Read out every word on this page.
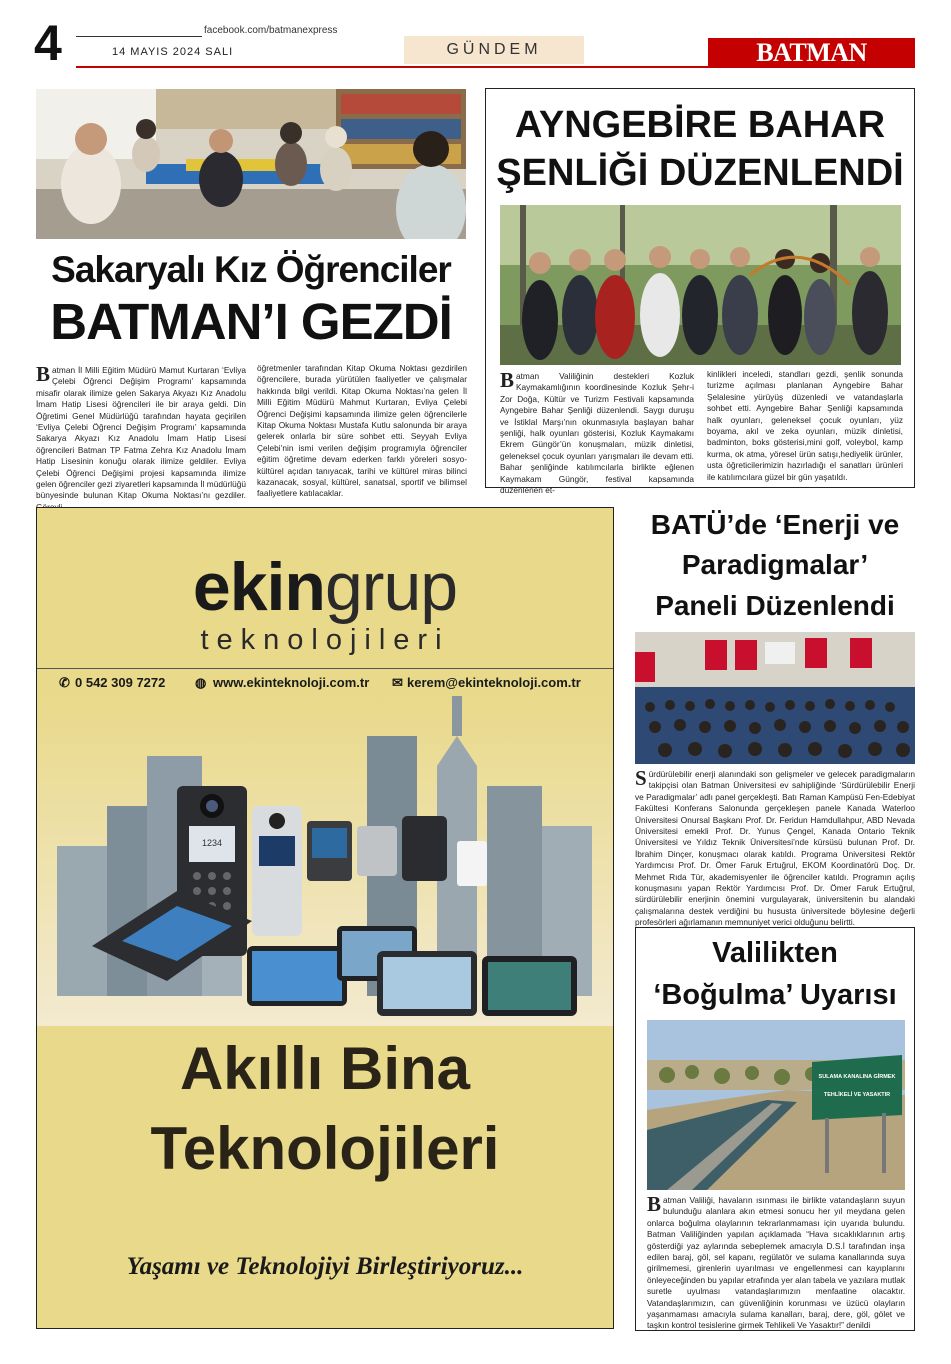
4	facebook.com/batmanexpress
14 MAYIS 2024 SALI	GÜNDEM	BATMAN EXPRESS
Sakaryalı Kız Öğrenciler
BATMAN’I GEZDİ
Batman İl Milli Eğitim Müdürü Mamut Kurtaran ‘Evliya Çelebi Öğrenci Değişim Programı’ kapsamında misafir olarak ilimize gelen Sakarya Akyazı Kız Anadolu İmam Hatip Lisesi öğrencileri ile bir araya geldi. Din Öğretimi Genel Müdürlüğü tarafından hayata geçirilen ‘Evliya Çelebi Öğrenci Değişim Programı’ kapsamında Sakarya Akyazı Kız Anadolu İmam Hatip Lisesi öğrencileri Batman TP Fatma Zehra Kız Anadolu İmam Hatip Lisesinin konuğu olarak ilimize geldiler. Evliya Çelebi Öğrenci Değişimi projesi kapsamında ilimize gelen öğrenciler gezi ziyaretleri kapsamında İl müdürlüğü bünyesinde bulunan Kitap Okuma Noktası’nı gezdiler.
öğretmenler tarafından Kitap Okuma Noktası gezdirilen öğrencilere, burada yürütülen faaliyetler ve çalışmalar hakkında bilgi verildi. Kitap Okuma Noktası’na gelen İl Milli Eğitim Müdürü Mahmut Kurtaran, Evliya Çelebi Öğrenci Değişimi kapsamında ilimize gelen öğrencilerle Kitap Okuma Noktası Mustafa Kutlu salonunda bir araya gelerek onlarla bir süre sohbet etti. Seyyah Evliya Çelebi’nin ismi verilen değişim programıyla öğrenciler eğitim öğretime devam ederken farklı yöreleri sosyo-kültürel açıdan tanıyacak, tarihi ve kültürel miras bilinci kazanacak, sosyal, kültürel, sanatsal, sportif ve bilimsel faaliyetlere katılacaklar.
AYNGEBİRE BAHAR
ŞENLİĞİ DÜZENLENDİ
Batman Valiliğinin destekleri Kozluk Kaymakamlığının koordinesinde Kozluk Şehr-i Zor Doğa, Kültür ve Turizm Festivali kapsamında Ayngebire Bahar Şenliği düzenlendi. Saygı duruşu ve İstiklal Marşı’nın okunmasıyla başlayan bahar şenliği, halk oyunları gösterisi, Kozluk Kaymakamı Ekrem Güngör’ün konuşmaları, müzik dinletisi, geleneksel çocuk oyunları yarışmaları ile devam etti. Bahar şenliğinde katılımcılarla birlikte eğlenen Kaymakam Güngör, festival kapsamında düzenlenen et-
kinlikleri inceledi, standları gezdi, şenlik sonunda turizme açılması planlanan Ayngebire Bahar Şelalesine yürüyüş düzenledi ve vatandaşlarla sohbet etti. Ayngebire Bahar Şenliği kapsamında halk oyunları, geleneksel çocuk oyunları, yüz boyama, akıl ve zeka oyunları, müzik dinletisi, badminton, boks gösterisi,mini golf, voleybol, kamp kurma, ok atma, yöresel ürün satışı,hediyelik ürünler, usta öğreticilerimizin hazırladığı el sanatları ürünleri ile katılımcılara güzel bir gün yaşatıldı.
ekingrup
teknolojileri
✆ 0 542 309 7272 ◍ www.ekinteknoloji.com.tr ✉ kerem@ekinteknoloji.com.tr
1234
Akıllı Bina
Teknolojileri
Yaşamı ve Teknolojiyi Birleştiriyoruz...
BATÜ’de ‘Enerji ve
Paradigmalar’
Paneli Düzenlendi
Sürdürülebilir enerji alanındaki son gelişmeler ve gelecek paradigmaların takipçisi olan Batman Üniversitesi ev sahipliğinde ‘Sürdürülebilir Enerji ve Paradigmalar’ adlı panel gerçekleşti. Batı Raman Kampüsü Fen-Edebiyat Fakültesi Konferans Salonunda gerçekleşen panele Kanada Waterloo Üniversitesi Onursal Başkanı Prof. Dr. Feridun Hamdullahpur, ABD Nevada Üniversitesi emekli Prof. Dr. Yunus Çengel, Kanada Ontario Teknik Üniversitesi ve Yıldız Teknik Üniversitesi’nde kürsüsü bulunan Prof. Dr. İbrahim Dinçer, konuşmacı olarak katıldı. Programa Üniversitesi Rektör Yardımcısı Prof. Dr. Ömer Faruk Ertuğrul, EKOM Koordinatörü Doç. Dr. Mehmet Rıda Tür, akademisyenler ile öğrenciler katıldı. Programın açılış konuşmasını yapan Rektör Yardımcısı Prof. Dr. Ömer Faruk Ertuğrul, sürdürülebilir enerjinin önemini vurgulayarak, üniversitenin bu alandaki çalışmalarına destek verdiğini bu hususta üniversitede böylesine değerli profesörleri ağırlamanın memnuniyet verici olduğunu belirtti.
Valilikten
‘Boğulma’ Uyarısı
SULAMA KANALINA GİRMEK
TEHLİKELİ VE YASAKTIR
Batman Valiliği, havaların ısınması ile birlikte vatandaşların suyun bulunduğu alanlara akın etmesi sonucu her yıl meydana gelen onlarca boğulma olaylarının tekrarlanmaması için uyarıda bulundu. Batman Valiliğinden yapılan açıklamada “Hava sıcaklıklarının artış gösterdiği yaz aylarında sebeplemek amacıyla D.S.İ tarafından inşa edilen baraj, göl, sel kapanı, regülatör ve sulama kanallarında suya girilmemesi, girenlerin uyarılması ve engellenmesi can kayıplarını önleyeceğinden bu yapılar etrafında yer alan tabela ve yazılara mutlak suretle uyulması vatandaşlarımızın menfaatine olacaktır. Vatandaşlarımızın, can güvenliğinin korunması ve üzücü olayların yaşanmaması amacıyla sulama kanalları, baraj, dere, göl, gölet ve taşkın kontrol tesislerine girmek Tehlikeli Ve Yasaktır!” denildi
